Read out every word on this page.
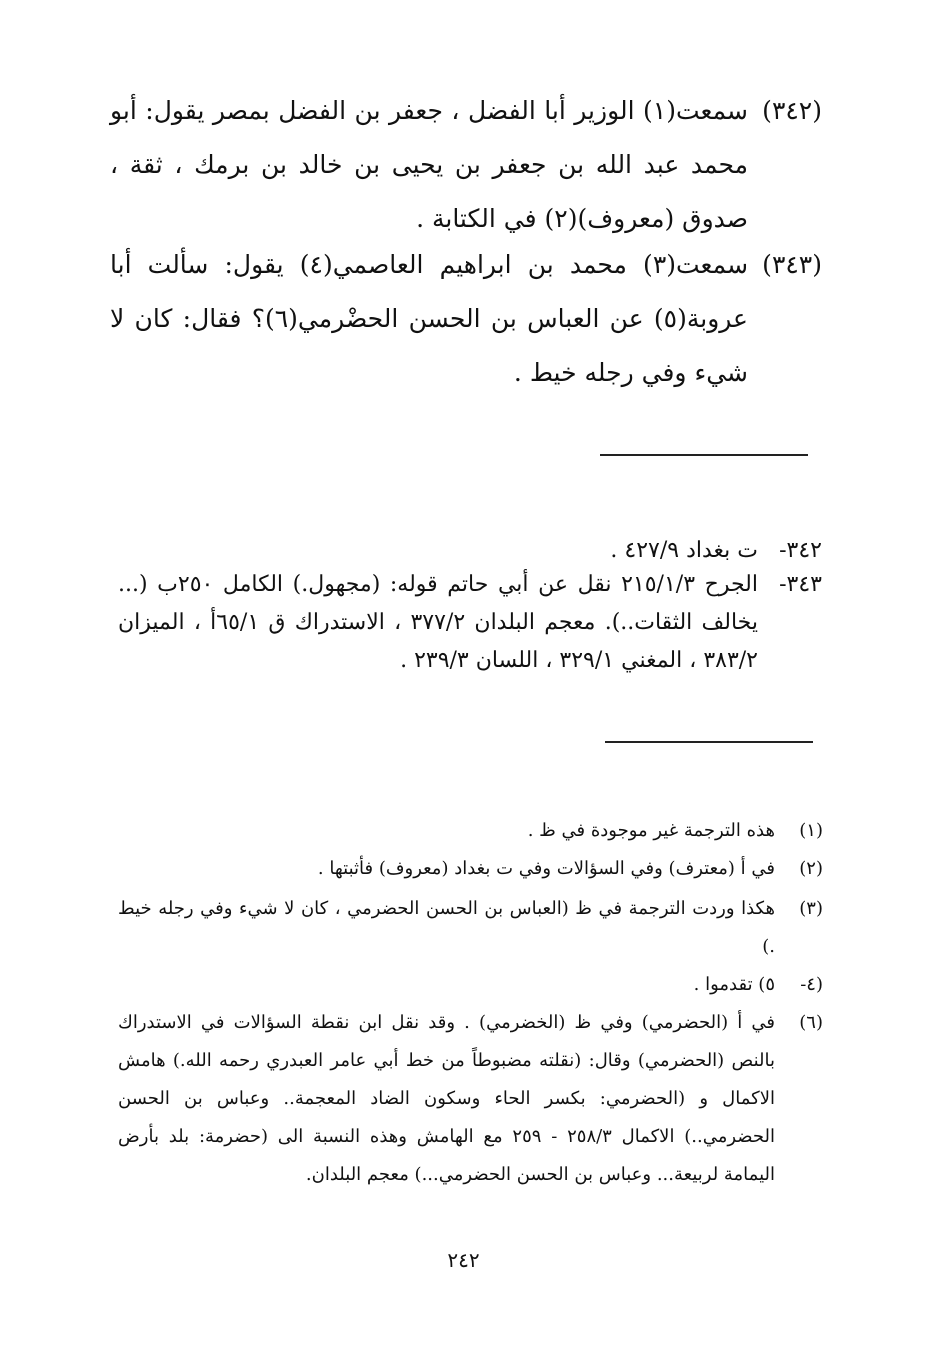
(٣٤٢)
سمعت(١) الوزير أبا الفضل ، جعفر بن الفضل بمصر يقول: أبو محمد عبد الله بن جعفر بن يحيى بن خالد بن برمك ، ثقة ، صدوق (معروف)(٢) في الكتابة .
(٣٤٣)
سمعت(٣) محمد بن ابراهيم العاصمي(٤) يقول: سألت أبا عروبة(٥) عن العباس بن الحسن الحضْرمي(٦)؟ فقال: كان لا شيء وفي رجله خيط .
٣٤٢-
ت بغداد ٤٢٧/٩ .
٣٤٣-
الجرح ٢١٥/١/٣ نقل عن أبي حاتم قوله: (مجهول.) الكامل ٢٥٠ب (... يخالف الثقات..). معجم البلدان ٣٧٧/٢ ، الاستدراك ق ٦٥/١أ ، الميزان ٣٨٣/٢ ، المغني ٣٢٩/١ ، اللسان ٢٣٩/٣ .
(١)
هذه الترجمة غير موجودة في ظ .
(٢)
في أ (معترف) وفي السؤالات وفي ت بغداد (معروف) فأثبتها .
(٣)
هكذا وردت الترجمة في ظ (العباس بن الحسن الحضرمي ، كان لا شيء وفي رجله خيط .)
(٤-
٥) تقدموا .
(٦)
في أ (الحضرمي) وفي ظ (الخضرمي) . وقد نقل ابن نقطة السؤالات في الاستدراك بالنص (الحضرمي) وقال: (نقلته مضبوطاً من خط أبي عامر العبدري رحمه الله.) هامش الاكمال و (الحضرمي: بكسر الحاء وسكون الضاد المعجمة.. وعباس بن الحسن الحضرمي..) الاكمال ٢٥٨/٣ - ٢٥٩ مع الهامش وهذه النسبة الى (حضرمة: بلد بأرض اليمامة لربيعة... وعباس بن الحسن الحضرمي...) معجم البلدان.
٢٤٢
